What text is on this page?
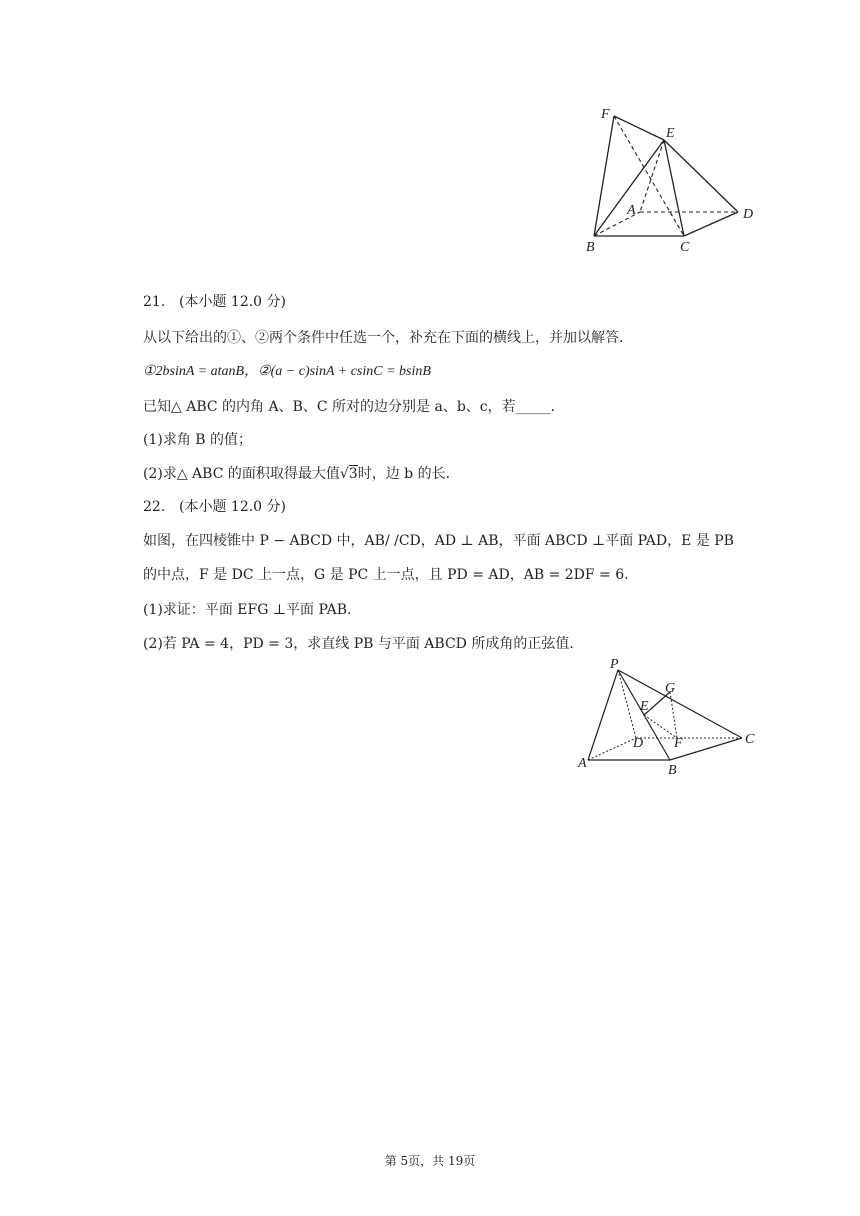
F
E
A	D
B	C
21. (本小题 12.0 分)
从以下给出的①、②两个条件中任选一个，补充在下面的横线上，并加以解答.
①2bsinA = atanB，②(a − c)sinA + csinC = bsinB
已知△ ABC 的内角 A、B、C 所对的边分别是 a、b、c，若_____.
(1)求角 B 的值；
(2)求△ ABC 的面积取得最大值√3时，边 b 的长.
22. (本小题 12.0 分)
如图，在四棱锥中 P − ABCD 中，AB/ /CD，AD ⊥ AB，平面 ABCD ⊥平面 PAD，E 是 PB
的中点，F 是 DC 上一点，G 是 PC 上一点，且 PD = AD，AB = 2DF = 6.
(1)求证：平面 EFG ⊥平面 PAB.
(2)若 PA = 4，PD = 3，求直线 PB 与平面 ABCD 所成角的正弦值.
P
G
E
D F	C
A	B
第 5页，共 19页
